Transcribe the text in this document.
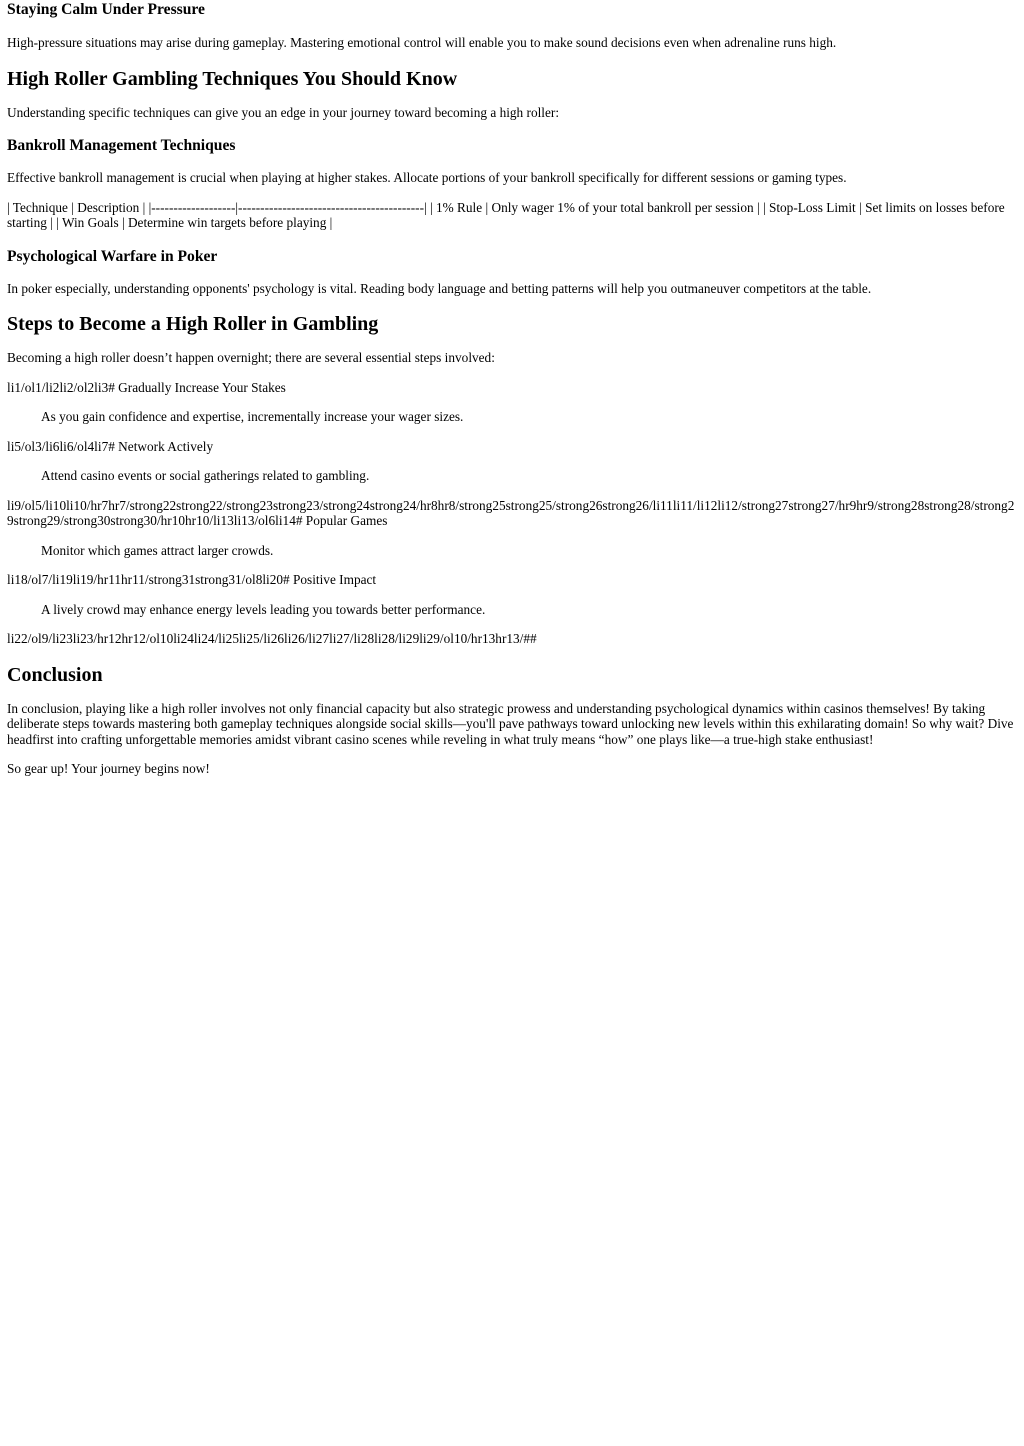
Staying Calm Under Pressure

High-pressure situations may arise during gameplay. Mastering emotional control will enable you to make sound decisions even when adrenaline runs high.

High Roller Gambling Techniques You Should Know

Understanding specific techniques can give you an edge in your journey toward becoming a high roller:

Bankroll Management Techniques

Effective bankroll management is crucial when playing at higher stakes. Allocate portions of your bankroll specifically for different sessions or gaming types.

| Technique | Description | |-------------------|------------------------------------------| | 1% Rule | Only wager 1% of your total bankroll per session | | Stop-Loss Limit | Set limits on losses before starting | | Win Goals | Determine win targets before playing |

Psychological Warfare in Poker

In poker especially, understanding opponents' psychology is vital. Reading body language and betting patterns will help you outmaneuver competitors at the table.

Steps to Become a High Roller in Gambling

Becoming a high roller doesn’t happen overnight; there are several essential steps involved:

li1/ol1/li2li2/ol2li3# Gradually Increase Your Stakes

As you gain confidence and expertise, incrementally increase your wager sizes.

li5/ol3/li6li6/ol4li7# Network Actively

Attend casino events or social gatherings related to gambling.

li9/ol5/li10li10/hr7hr7/strong22strong22/strong23strong23/strong24strong24/hr8hr8/strong25strong25/strong26strong26/li11li11/li12li12/strong27strong27/hr9hr9/strong28strong28/strong29strong29/strong30strong30/hr10hr10/li13li13/ol6li14# Popular Games

Monitor which games attract larger crowds.

li18/ol7/li19li19/hr11hr11/strong31strong31/ol8li20# Positive Impact

A lively crowd may enhance energy levels leading you towards better performance.

li22/ol9/li23li23/hr12hr12/ol10li24li24/li25li25/li26li26/li27li27/li28li28/li29li29/ol10/hr13hr13/##

Conclusion

In conclusion, playing like a high roller involves not only financial capacity but also strategic prowess and understanding psychological dynamics within casinos themselves! By taking deliberate steps towards mastering both gameplay techniques alongside social skills—you'll pave pathways toward unlocking new levels within this exhilarating domain! So why wait? Dive headfirst into crafting unforgettable memories amidst vibrant casino scenes while reveling in what truly means “how” one plays like—a true-high stake enthusiast!

So gear up! Your journey begins now!
